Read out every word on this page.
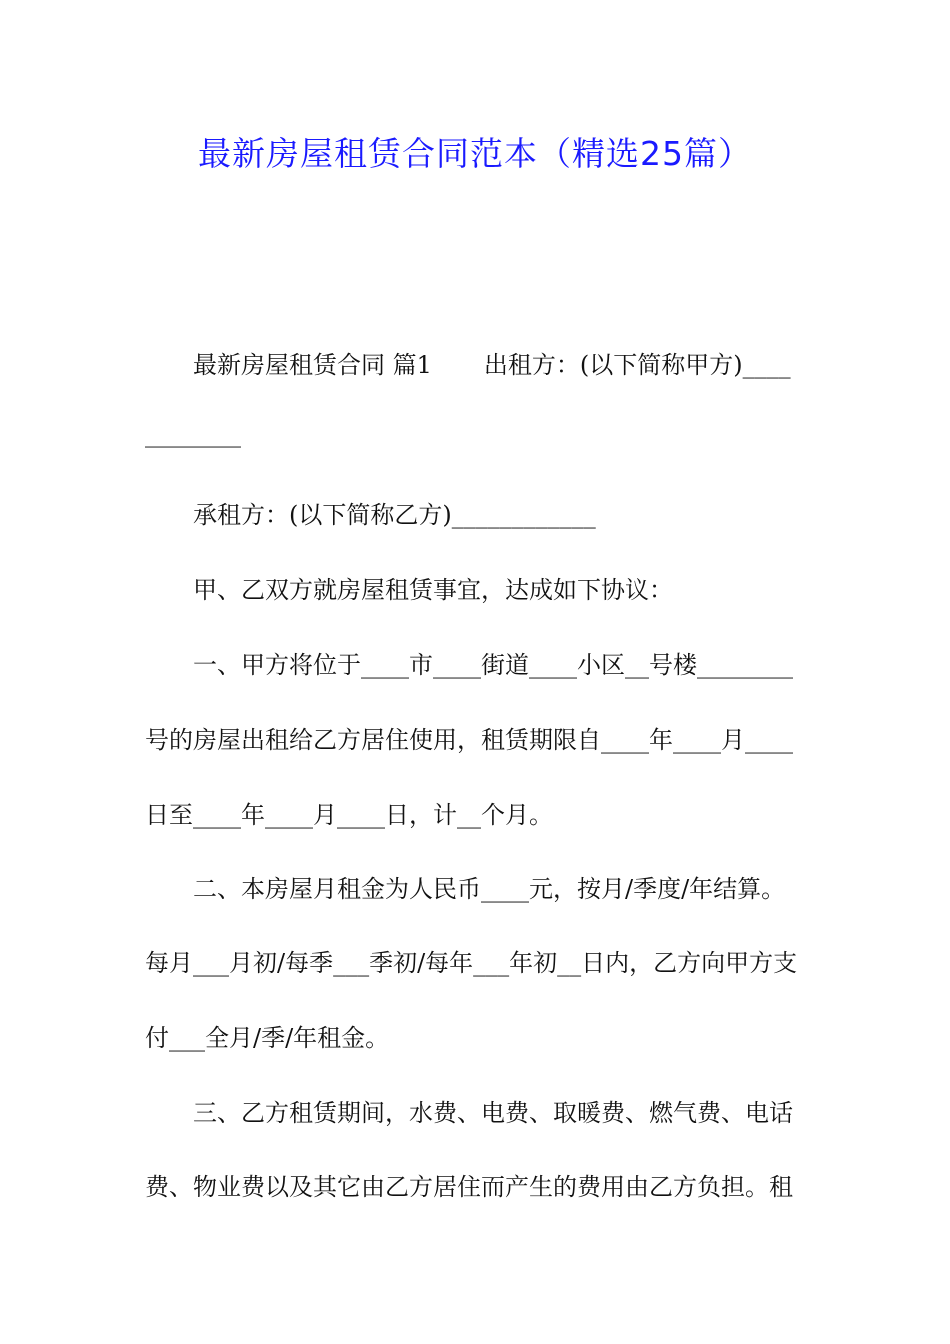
最新房屋租赁合同范本（精选25篇）
最新房屋租赁合同 篇1 出租方：(以下简称甲方)____
________
承租方：(以下简称乙方)____________
甲、乙双方就房屋租赁事宜，达成如下协议：
一、甲方将位于____市____街道____小区__号楼________
号的房屋出租给乙方居住使用，租赁期限自____年____月____
日至____年____月____日，计__个月。
二、本房屋月租金为人民币____元，按月/季度/年结算。
每月___月初/每季___季初/每年___年初__日内，乙方向甲方支
付___全月/季/年租金。
三、乙方租赁期间，水费、电费、取暖费、燃气费、电话
费、物业费以及其它由乙方居住而产生的费用由乙方负担。租
